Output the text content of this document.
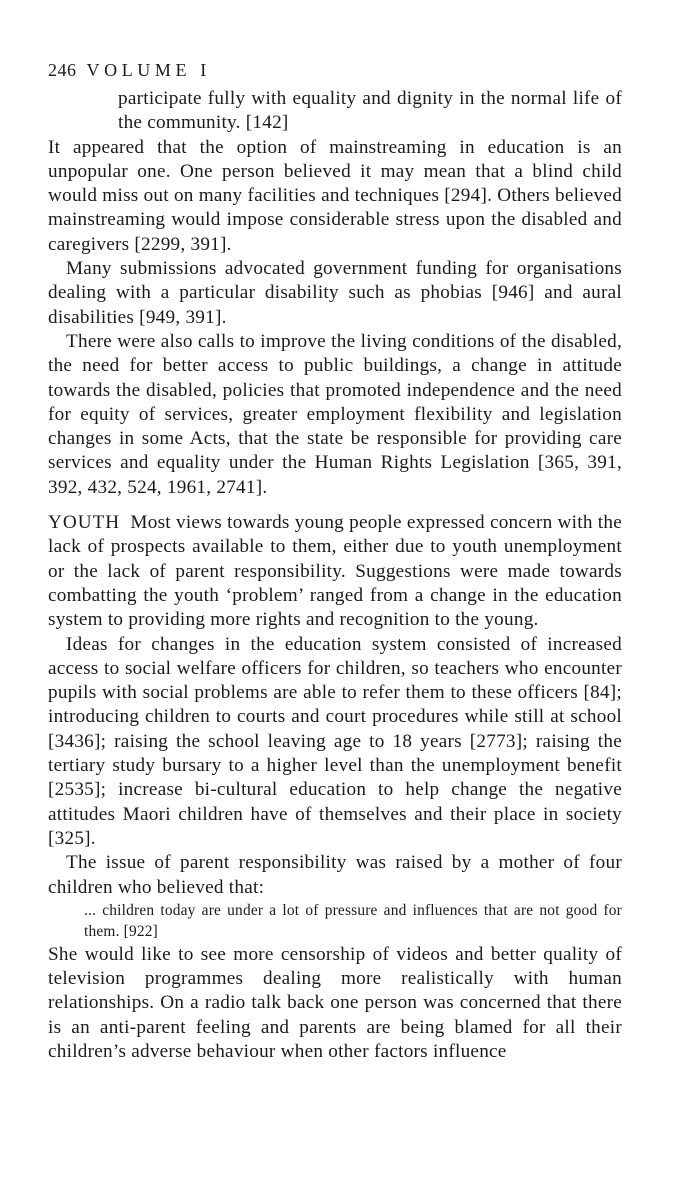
246 VOLUME I

participate fully with equality and dignity in the normal life of the community. [142]

It appeared that the option of mainstreaming in education is an unpopular one. One person believed it may mean that a blind child would miss out on many facilities and techniques [294]. Others believed mainstreaming would impose considerable stress upon the disabled and caregivers [2299, 391].

Many submissions advocated government funding for organisations dealing with a particular disability such as phobias [946] and aural disabilities [949, 391].

There were also calls to improve the living conditions of the disabled, the need for better access to public buildings, a change in attitude towards the disabled, policies that promoted independence and the need for equity of services, greater employment flexibility and legislation changes in some Acts, that the state be responsible for providing care services and equality under the Human Rights Legislation [365, 391, 392, 432, 524, 1961, 2741].

YOUTH Most views towards young people expressed concern with the lack of prospects available to them, either due to youth unemployment or the lack of parent responsibility. Suggestions were made towards combatting the youth ‘problem’ ranged from a change in the education system to providing more rights and recognition to the young.

Ideas for changes in the education system consisted of increased access to social welfare officers for children, so teachers who encounter pupils with social problems are able to refer them to these officers [84]; introducing children to courts and court procedures while still at school [3436]; raising the school leaving age to 18 years [2773]; raising the tertiary study bursary to a higher level than the unemployment benefit [2535]; increase bi-cultural education to help change the negative attitudes Maori children have of themselves and their place in society [325].

The issue of parent responsibility was raised by a mother of four children who believed that:

... children today are under a lot of pressure and influences that are not good for them. [922]

She would like to see more censorship of videos and better quality of television programmes dealing more realistically with human relationships. On a radio talk back one person was concerned that there is an anti-parent feeling and parents are being blamed for all their children’s adverse behaviour when other factors influence
